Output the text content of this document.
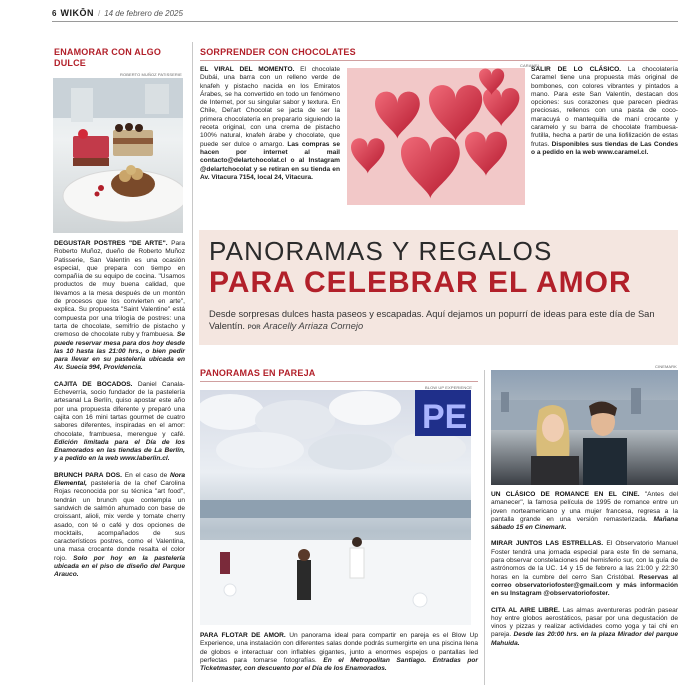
6 WIKŌN / 14 de febrero de 2025
ENAMORAR CON ALGO DULCE
ROBERTO MUÑOZ PATISSERIE

DEGUSTAR POSTRES "DE ARTE". Para Roberto Muñoz, dueño de Roberto Muñoz Patisserie, San Valentín es una ocasión especial, que prepara con tiempo en compañía de su equipo de cocina. "Usamos productos de muy buena calidad, que llevamos a la mesa después de un montón de procesos que los convierten en arte", explica. Su propuesta "Saint Valentine" está compuesta por una trilogía de postres: una tarta de chocolate, semifrío de pistacho y cremoso de chocolate ruby y frambuesa. Se puede reservar mesa para dos hoy desde las 10 hasta las 21:00 hrs., o bien pedir para llevar en su pastelería ubicada en Av. Suecia 994, Providencia.

CAJITA DE BOCADOS. Daniel Canala-Echeverría, socio fundador de la pastelería artesanal La Berlín, quiso apostar este año por una propuesta diferente y preparó una cajita con 16 mini tartas gourmet de cuatro sabores diferentes, inspiradas en el amor: chocolate, frambuesa, merengue y café. Edición limitada para el Día de los Enamorados en las tiendas de La Berlín, y a pedido en la web www.laberlin.cl.

BRUNCH PARA DOS. En el caso de Nora Elemental, pastelería de la chef Carolina Rojas reconocida por su técnica "art food", tendrán un brunch que contempla un sandwich de salmón ahumado con base de croissant, alioli, mix verde y tomate cherry asado, con té o café y dos opciones de mocktails, acompañados de sus característicos postres, como el Valentina, una masa crocante donde resalta el color rojo. Solo por hoy en la pastelería ubicada en el piso de diseño del Parque Arauco.

SORPRENDER CON CHOCOLATES
EL VIRAL DEL MOMENTO. El chocolate Dubái, una barra con un relleno verde de knafeh y pistacho nacida en los Emiratos Árabes, se ha convertido en todo un fenómeno de Internet, por su singular sabor y textura. En Chile, Del'art Chocolat se jacta de ser la primera chocolatería en prepararlo siguiendo la receta original, con una crema de pistacho 100% natural, knafeh árabe y chocolate, que puede ser dulce o amargo. Las compras se hacen por internet al mail contacto@delartchocolat.cl o al Instagram @delartchocolat y se retiran en su tienda en Av. Vitacura 7154, local 24, Vitacura.
CARAMEL
SALIR DE LO CLÁSICO. La chocolatería Caramel tiene una propuesta más original de bombones, con colores vibrantes y pintados a mano. Para este San Valentín, destacan dos opciones: sus corazones que parecen piedras preciosas, rellenos con una pasta de coco-maracuyá o mantequilla de maní crocante y caramelo y su barra de chocolate frambuesa-frutilla, hecha a partir de una liofilización de estas frutas. Disponibles sus tiendas de Las Condes o a pedido en la web www.caramel.cl.
PANORAMAS Y REGALOS
PARA CELEBRAR EL AMOR
Desde sorpresas dulces hasta paseos y escapadas. Aquí dejamos un popurrí de ideas para este día de San Valentín. POR Aracelly Arriaza Cornejo
PANORAMAS EN PAREJA
BLOW UP EXPERIENCE
PE
PARA FLOTAR DE AMOR. Un panorama ideal para compartir en pareja es el Blow Up Experience, una instalación con diferentes salas donde podrás sumergirte en una piscina llena de globos e interactuar con inflables gigantes, junto a enormes espejos o pantallas led perfectas para tomarse fotografías. En el Metropolitan Santiago. Entradas por Ticketmaster, con descuento por el Día de los Enamorados.
CINEMARK

UN CLÁSICO DE ROMANCE EN EL CINE. "Antes del amanecer", la famosa película de 1995 de romance entre un joven norteamericano y una mujer francesa, regresa a la pantalla grande en una versión remasterizada. Mañana sábado 15 en Cinemark.

MIRAR JUNTOS LAS ESTRELLAS. El Observatorio Manuel Foster tendrá una jornada especial para este fin de semana, para observar constelaciones del hemisferio sur, con la guía de astrónomos de la UC. 14 y 15 de febrero a las 21:00 y 22:30 horas en la cumbre del cerro San Cristóbal. Reservas al correo observatoriofoster@gmail.com y más información en su Instagram @observatoriofoster.

CITA AL AIRE LIBRE. Las almas aventureras podrán pasear hoy entre globos aerostáticos, pasar por una degustación de vinos y pizzas y realizar actividades como yoga y tai chi en pareja. Desde las 20:00 hrs. en la plaza Mirador del parque Mahuida.
